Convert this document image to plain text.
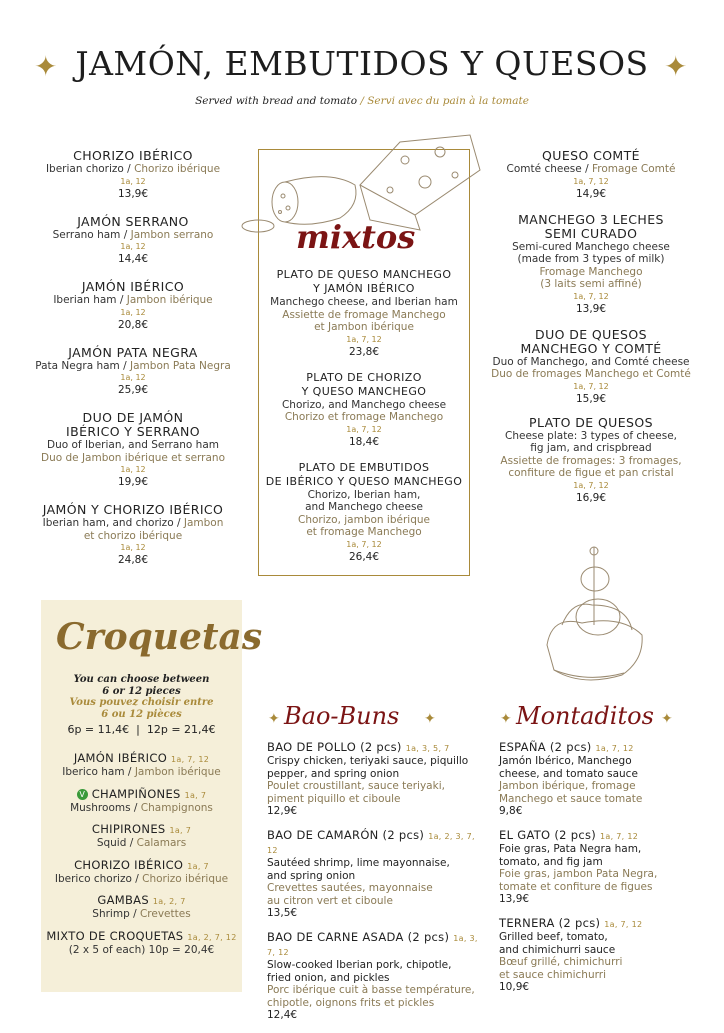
✦	✦
JAMÓN, EMBUTIDOS Y QUESOS
Served with bread and tomato / Servi avec du pain à la tomate
CHORIZO IBÉRICO
Iberian chorizo / Chorizo ibérique
1a, 12
13,9€
JAMÓN SERRANO
Serrano ham / Jambon serrano
1a, 12
14,4€
JAMÓN IBÉRICO
Iberian ham / Jambon ibérique
1a, 12
20,8€
JAMÓN PATA NEGRA
Pata Negra ham / Jambon Pata Negra
1a, 12
25,9€
DUO DE JAMÓN
IBÉRICO Y SERRANO
Duo of Iberian, and Serrano ham
Duo de Jambon ibérique et serrano
1a, 12
19,9€
JAMÓN Y CHORIZO IBÉRICO
Iberian ham, and chorizo / Jambon
et chorizo ibérique
1a, 12
24,8€
mixtos
PLATO DE QUESO MANCHEGO
Y JAMÓN IBÉRICO
Manchego cheese, and Iberian ham
Assiette de fromage Manchego
et Jambon ibérique
1a, 7, 12
23,8€
PLATO DE CHORIZO
Y QUESO MANCHEGO
Chorizo, and Manchego cheese
Chorizo et fromage Manchego
1a, 7, 12
18,4€
PLATO DE EMBUTIDOS
DE IBÉRICO Y QUESO MANCHEGO
Chorizo, Iberian ham,
and Manchego cheese
Chorizo, jambon ibérique
et fromage Manchego
1a, 7, 12
26,4€
QUESO COMTÉ
Comté cheese / Fromage Comté
1a, 7, 12
14,9€
MANCHEGO 3 LECHES
SEMI CURADO
Semi-cured Manchego cheese
(made from 3 types of milk)
Fromage Manchego
(3 laits semi affiné)
1a, 7, 12
13,9€
DUO DE QUESOS
MANCHEGO Y COMTÉ
Duo of Manchego, and Comté cheese
Duo de fromages Manchego et Comté
1a, 7, 12
15,9€
PLATO DE QUESOS
Cheese plate: 3 types of cheese,
fig jam, and crispbread
Assiette de fromages: 3 fromages,
confiture de figue et pan cristal
1a, 7, 12
16,9€
Croquetas
You can choose between
6 or 12 pieces
Vous pouvez choisir entre
6 ou 12 pièces
6p = 11,4€ | 12p = 21,4€
JAMÓN IBÉRICO 1a, 7, 12
Iberico ham / Jambon ibérique
V CHAMPIÑONES 1a, 7
Mushrooms / Champignons
CHIPIRONES 1a, 7
Squid / Calamars
CHORIZO IBÉRICO 1a, 7
Iberico chorizo / Chorizo ibérique
GAMBAS 1a, 2, 7
Shrimp / Crevettes
MIXTO DE CROQUETAS 1a, 2, 7, 12
(2 x 5 of each) 10p = 20,4€
✦ Bao-Buns ✦
BAO DE POLLO (2 pcs) 1a, 3, 5, 7
Crispy chicken, teriyaki sauce, piquillo
pepper, and spring onion
Poulet croustillant, sauce teriyaki,
piment piquillo et ciboule
12,9€
BAO DE CAMARÓN (2 pcs) 1a, 2, 3, 7, 12
Sautéed shrimp, lime mayonnaise,
and spring onion
Crevettes sautées, mayonnaise
au citron vert et ciboule
13,5€
BAO DE CARNE ASADA (2 pcs) 1a, 3, 7, 12
Slow-cooked Iberian pork, chipotle,
fried onion, and pickles
Porc ibérique cuit à basse température,
chipotle, oignons frits et pickles
12,4€
✦ Montaditos ✦
ESPAÑA (2 pcs) 1a, 7, 12
Jamón Ibérico, Manchego
cheese, and tomato sauce
Jambon ibérique, fromage
Manchego et sauce tomate
9,8€
EL GATO (2 pcs) 1a, 7, 12
Foie gras, Pata Negra ham,
tomato, and fig jam
Foie gras, jambon Pata Negra,
tomate et confiture de figues
13,9€
TERNERA (2 pcs) 1a, 7, 12
Grilled beef, tomato,
and chimichurri sauce
Bœuf grillé, chimichurri
et sauce chimichurri
10,9€
